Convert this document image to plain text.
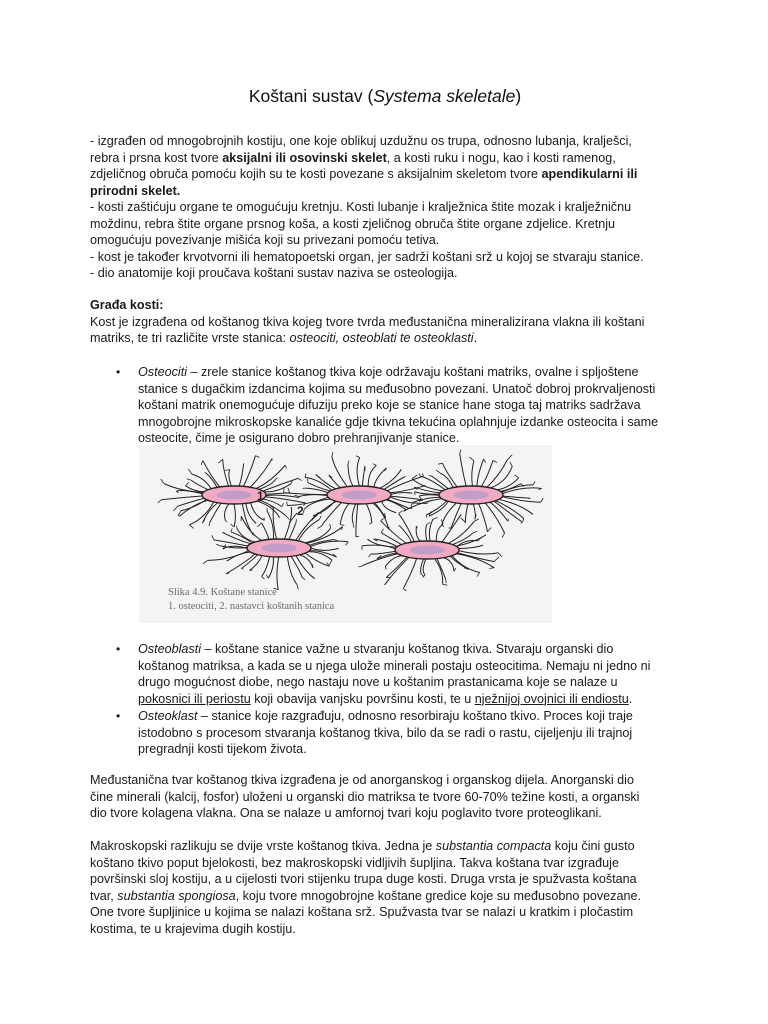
Koštani sustav (Systema skeletale)
- izgrađen od mnogobrojnih kostiju, one koje oblikuj uzdužnu os trupa, odnosno lubanja, kralješci,
rebra i prsna kost tvore aksijalni ili osovinski skelet, a kosti ruku i nogu, kao i kosti ramenog,
zdjeličnog obruča pomoću kojih su te kosti povezane s aksijalnim skeletom tvore apendikularni ili
prirodni skelet.
- kosti zaštićuju organe te omogućuju kretnju. Kosti lubanje i kralježnica štite mozak i kralježničnu
moždinu, rebra štite organe prsnog koša, a kosti zjeličnog obruča štite organe zdjelice. Kretnju
omogućuju povezivanje mišića koji su privezani pomoću tetiva.
- kost je također krvotvorni ili hematopoetski organ, jer sadrži koštani srž u kojoj se stvaraju stanice.
- dio anatomije koji proučava koštani sustav naziva se osteologija.
Građa kosti:
Kost je izgrađena od koštanog tkiva kojeg tvore tvrda međustanična mineralizirana vlakna ili koštani
matriks, te tri različite vrste stanica: osteociti, osteoblati te osteoklasti.
• Osteociti – zrele stanice koštanog tkiva koje održavaju koštani matriks, ovalne i spljoštene
stanice s dugačkim izdancima kojima su međusobno povezani. Unatoč dobroj prokrvaljenosti
koštani matrik onemogućuje difuziju preko koje se stanice hane stoga taj matriks sadržava
mnogobrojne mikroskopske kanaliće gdje tkivna tekućina oplahnjuje izdanke osteocita i same
osteocite, čime je osigurano dobro prehranjivanje stanice.
• Osteoblasti – koštane stanice važne u stvaranju koštanog tkiva. Stvaraju organski dio
koštanog matriksa, a kada se u njega ulože minerali postaju osteocitima. Nemaju ni jedno ni
drugo mogućnost diobe, nego nastaju nove u koštanim prastanicama koje se nalaze u
pokosnici ili periostu koji obavija vanjsku površinu kosti, te u nježnijoj ovojnici ili endiostu.
• Osteoklast – stanice koje razgrađuju, odnosno resorbiraju koštano tkivo. Proces koji traje
istodobno s procesom stvaranja koštanog tkiva, bilo da se radi o rastu, cijeljenju ili trajnoj
pregradnji kosti tijekom života.
Međustanična tvar koštanog tkiva izgrađena je od anorganskog i organskog dijela. Anorganski dio
čine minerali (kalcij, fosfor) uloženi u organski dio matriksa te tvore 60-70% težine kosti, a organski
dio tvore kolagena vlakna. Ona se nalaze u amfornoj tvari koju poglavito tvore proteoglikani.
Makroskopski razlikuju se dvije vrste koštanog tkiva. Jedna je substantia compacta koju čini gusto
koštano tkivo poput bjelokosti, bez makroskopski vidljivih šupljina. Takva koštana tvar izgrađuje
površinski sloj kostiju, a u cijelosti tvori stijenku trupa duge kosti. Druga vrsta je spužvasta koštana
tvar, substantia spongiosa, koju tvore mnogobrojne koštane gredice koje su međusobno povezane.
One tvore šupljinice u kojima se nalazi koštana srž. Spužvasta tvar se nalazi u kratkim i pločastim
kostima, te u krajevima dugih kostiju.
1
2
Slika 4.9. Koštane stanice
1. osteociti, 2. nastavci koštanih stanica
